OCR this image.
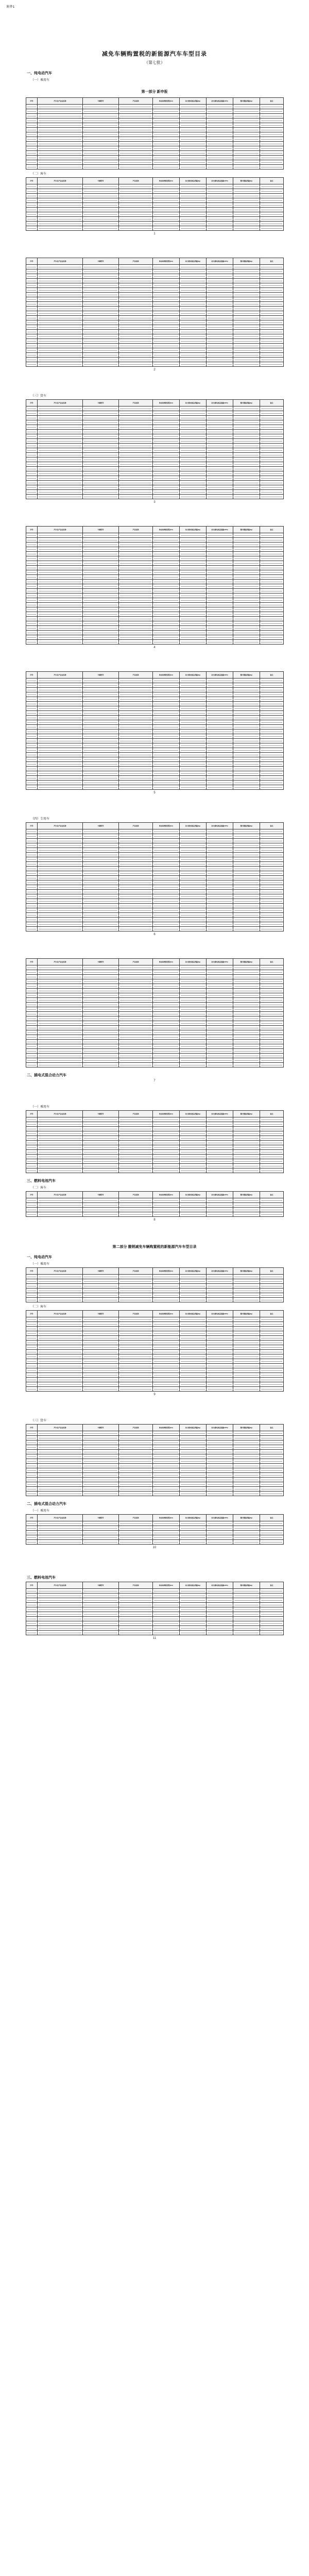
附件1
减免车辆购置税的新能源汽车车型目录
（第七批）
一、纯电动汽车
（一）乘用车
第一部分 新申报
序号	汽车生产企业名称	车辆型号	产品名称	纯电动续驶里程(km)	动力蓄电池总质量(kg)	动力蓄电池总能量(kWh)	整车整备质量(kg)	备注

（二）客车
序号	汽车生产企业名称	车辆型号	产品名称	纯电动续驶里程(km)	动力蓄电池总质量(kg)	动力蓄电池总能量(kWh)	整车整备质量(kg)	备注

1
序号	汽车生产企业名称	车辆型号	产品名称	纯电动续驶里程(km)	动力蓄电池总质量(kg)	动力蓄电池总能量(kWh)	整车整备质量(kg)	备注

2
（三）货车
序号	汽车生产企业名称	车辆型号	产品名称	纯电动续驶里程(km)	动力蓄电池总质量(kg)	动力蓄电池总能量(kWh)	整车整备质量(kg)	备注

3
序号	汽车生产企业名称	车辆型号	产品名称	纯电动续驶里程(km)	动力蓄电池总质量(kg)	动力蓄电池总能量(kWh)	整车整备质量(kg)	备注

4
序号	汽车生产企业名称	车辆型号	产品名称	纯电动续驶里程(km)	动力蓄电池总质量(kg)	动力蓄电池总能量(kWh)	整车整备质量(kg)	备注

5
（四）专用车
序号	汽车生产企业名称	车辆型号	产品名称	纯电动续驶里程(km)	动力蓄电池总质量(kg)	动力蓄电池总能量(kWh)	整车整备质量(kg)	备注

6
序号	汽车生产企业名称	车辆型号	产品名称	纯电动续驶里程(km)	动力蓄电池总质量(kg)	动力蓄电池总能量(kWh)	整车整备质量(kg)	备注

二、插电式混合动力汽车
7
（一）乘用车
序号	汽车生产企业名称	车辆型号	产品名称	纯电动续驶里程(km)	动力蓄电池总质量(kg)	动力蓄电池总能量(kWh)	整车整备质量(kg)	备注

三、燃料电池汽车
（二）客车
序号	汽车生产企业名称	车辆型号	产品名称	纯电动续驶里程(km)	动力蓄电池总质量(kg)	动力蓄电池总能量(kWh)	整车整备质量(kg)	备注

8
第二部分 撤销减免车辆购置税的新能源汽车车型目录
一、纯电动汽车
（一）乘用车
序号	汽车生产企业名称	车辆型号	产品名称	纯电动续驶里程(km)	动力蓄电池总质量(kg)	动力蓄电池总能量(kWh)	整车整备质量(kg)	备注

（二）客车
序号	汽车生产企业名称	车辆型号	产品名称	纯电动续驶里程(km)	动力蓄电池总质量(kg)	动力蓄电池总能量(kWh)	整车整备质量(kg)	备注

9
（三）货车
序号	汽车生产企业名称	车辆型号	产品名称	纯电动续驶里程(km)	动力蓄电池总质量(kg)	动力蓄电池总能量(kWh)	整车整备质量(kg)	备注

二、插电式混合动力汽车
（一）乘用车
序号	汽车生产企业名称	车辆型号	产品名称	纯电动续驶里程(km)	动力蓄电池总质量(kg)	动力蓄电池总能量(kWh)	整车整备质量(kg)	备注

10
三、燃料电池汽车
序号	汽车生产企业名称	车辆型号	产品名称	纯电动续驶里程(km)	动力蓄电池总质量(kg)	动力蓄电池总能量(kWh)	整车整备质量(kg)	备注

11
